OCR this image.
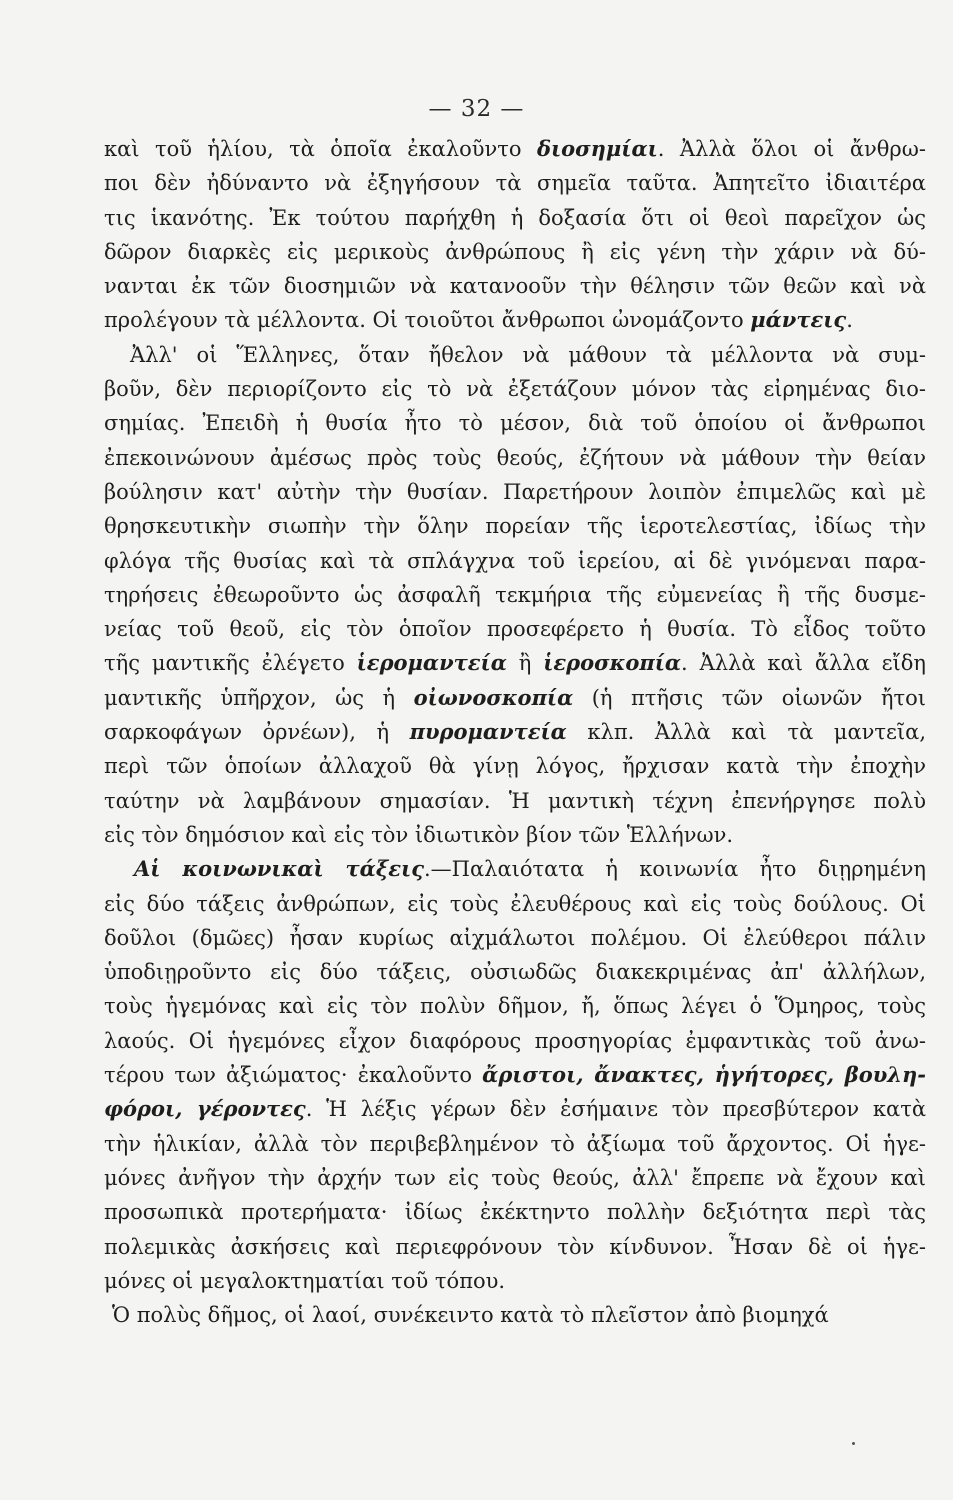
— 32 —
καὶ τοῦ ἡλίου, τὰ ὁποῖα ἐκαλοῦντο διοσημίαι. Ἀλλὰ ὅλοι οἱ ἄνθρω-
ποι δὲν ἠδύναντο νὰ ἐξηγήσουν τὰ σημεῖα ταῦτα. Ἀπητεῖτο ἰδιαιτέρα
τις ἱκανότης. Ἐκ τούτου παρήχθη ἡ δοξασία ὅτι οἱ θεοὶ παρεῖχον ὡς
δῶρον διαρκὲς εἰς μερικοὺς ἀνθρώπους ἢ εἰς γένη τὴν χάριν νὰ δύ-
νανται ἐκ τῶν διοσημιῶν νὰ κατανοοῦν τὴν θέλησιν τῶν θεῶν καὶ νὰ
προλέγουν τὰ μέλλοντα. Οἱ τοιοῦτοι ἄνθρωποι ὠνομάζοντο μάντεις.
Ἀλλ' οἱ Ἕλληνες, ὅταν ἤθελον νὰ μάθουν τὰ μέλλοντα νὰ συμ-
βοῦν, δὲν περιορίζοντο εἰς τὸ νὰ ἐξετάζουν μόνον τὰς εἰρημένας διο-
σημίας. Ἐπειδὴ ἡ θυσία ἦτο τὸ μέσον, διὰ τοῦ ὁποίου οἱ ἄνθρωποι
ἐπεκοινώνουν ἀμέσως πρὸς τοὺς θεούς, ἐζήτουν νὰ μάθουν τὴν θείαν
βούλησιν κατ' αὐτὴν τὴν θυσίαν. Παρετήρουν λοιπὸν ἐπιμελῶς καὶ μὲ
θρησκευτικὴν σιωπὴν τὴν ὅλην πορείαν τῆς ἱεροτελεστίας, ἰδίως τὴν
φλόγα τῆς θυσίας καὶ τὰ σπλάγχνα τοῦ ἱερείου, αἱ δὲ γινόμεναι παρα-
τηρήσεις ἐθεωροῦντο ὡς ἀσφαλῆ τεκμήρια τῆς εὐμενείας ἢ τῆς δυσμε-
νείας τοῦ θεοῦ, εἰς τὸν ὁποῖον προσεφέρετο ἡ θυσία. Τὸ εἶδος τοῦτο
τῆς μαντικῆς ἐλέγετο ἱερομαντεία ἢ ἱεροσκοπία. Ἀλλὰ καὶ ἄλλα εἴδη
μαντικῆς ὑπῆρχον, ὡς ἡ οἰωνοσκοπία (ἡ πτῆσις τῶν οἰωνῶν ἤτοι
σαρκοφάγων ὀρνέων), ἡ πυρομαντεία κλπ. Ἀλλὰ καὶ τὰ μαντεῖα,
περὶ τῶν ὁποίων ἀλλαχοῦ θὰ γίνῃ λόγος, ἤρχισαν κατὰ τὴν ἐποχὴν
ταύτην νὰ λαμβάνουν σημασίαν. Ἡ μαντικὴ τέχνη ἐπενήργησε πολὺ
εἰς τὸν δημόσιον καὶ εἰς τὸν ἰδιωτικὸν βίον τῶν Ἑλλήνων.
Αἱ κοινωνικαὶ τάξεις.—Παλαιότατα ἡ κοινωνία ἦτο διῃρημένη
εἰς δύο τάξεις ἀνθρώπων, εἰς τοὺς ἐλευθέρους καὶ εἰς τοὺς δούλους. Οἱ
δοῦλοι (δμῶες) ἦσαν κυρίως αἰχμάλωτοι πολέμου. Οἱ ἐλεύθεροι πάλιν
ὑποδιῃροῦντο εἰς δύο τάξεις, οὐσιωδῶς διακεκριμένας ἀπ' ἀλλήλων,
τοὺς ἡγεμόνας καὶ εἰς τὸν πολὺν δῆμον, ἤ, ὅπως λέγει ὁ Ὅμηρος, τοὺς
λαούς. Οἱ ἡγεμόνες εἶχον διαφόρους προσηγορίας ἐμφαντικὰς τοῦ ἀνω-
τέρου των ἀξιώματος· ἐκαλοῦντο ἄριστοι, ἄνακτες, ἡγήτορες, βουλη-
φόροι, γέροντες. Ἡ λέξις γέρων δὲν ἐσήμαινε τὸν πρεσβύτερον κατὰ
τὴν ἡλικίαν, ἀλλὰ τὸν περιβεβλημένον τὸ ἀξίωμα τοῦ ἄρχοντος. Οἱ ἡγε-
μόνες ἀνῆγον τὴν ἀρχήν των εἰς τοὺς θεούς, ἀλλ' ἔπρεπε νὰ ἔχουν καὶ
προσωπικὰ προτερήματα· ἰδίως ἐκέκτηντο πολλὴν δεξιότητα περὶ τὰς
πολεμικὰς ἀσκήσεις καὶ περιεφρόνουν τὸν κίνδυνον. Ἦσαν δὲ οἱ ἡγε-
μόνες οἱ μεγαλοκτηματίαι τοῦ τόπου.
Ὁ πολὺς δῆμος, οἱ λαοί, συνέκειντο κατὰ τὸ πλεῖστον ἀπὸ βιομηχά
